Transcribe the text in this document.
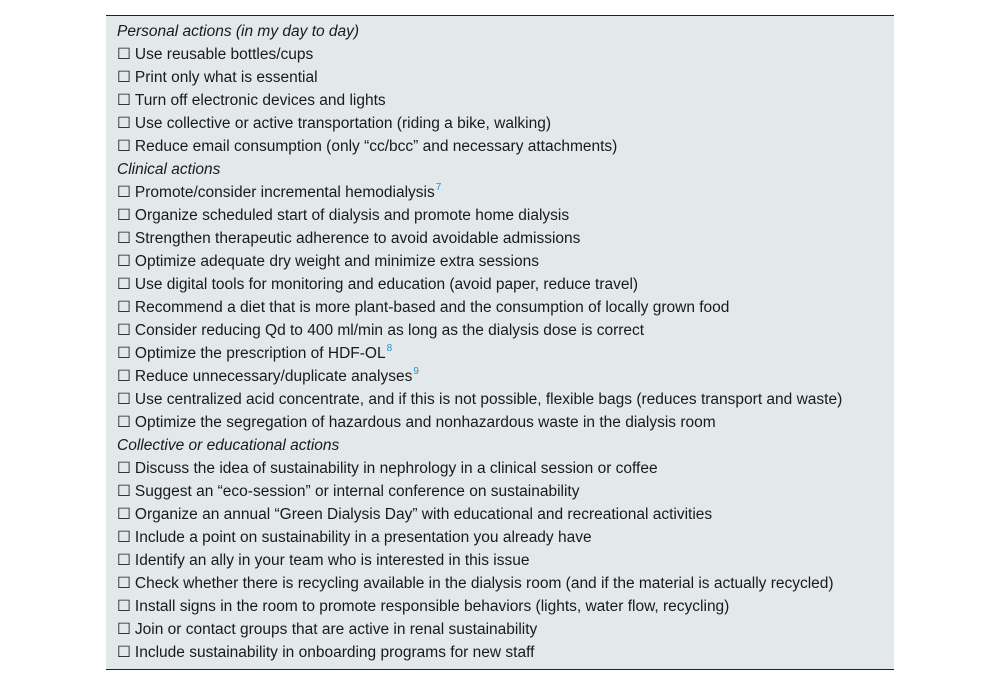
Personal actions (in my day to day)
☐ Use reusable bottles/cups
☐ Print only what is essential
☐ Turn off electronic devices and lights
☐ Use collective or active transportation (riding a bike, walking)
☐ Reduce email consumption (only “cc/bcc” and necessary attachments)
Clinical actions
☐ Promote/consider incremental hemodialysis$^7$
☐ Organize scheduled start of dialysis and promote home dialysis
☐ Strengthen therapeutic adherence to avoid avoidable admissions
☐ Optimize adequate dry weight and minimize extra sessions
☐ Use digital tools for monitoring and education (avoid paper, reduce travel)
☐ Recommend a diet that is more plant-based and the consumption of locally grown food
☐ Consider reducing Qd to 400 ml/min as long as the dialysis dose is correct
☐ Optimize the prescription of HDF-$OL^8$
☐ Reduce unnecessary/duplicate analyses$^9$
☐ Use centralized acid concentrate, and if this is not possible, flexible bags (reduces transport and waste)
☐ Optimize the segregation of hazardous and nonhazardous waste in the dialysis room
Collective or educational actions
☐ Discuss the idea of sustainability in nephrology in a clinical session or coffee
☐ Suggest an “eco-session” or internal conference on sustainability
☐ Organize an annual “Green Dialysis Day” with educational and recreational activities
☐ Include a point on sustainability in a presentation you already have
☐ Identify an ally in your team who is interested in this issue
☐ Check whether there is recycling available in the dialysis room (and if the material is actually recycled)
☐ Install signs in the room to promote responsible behaviors (lights, water flow, recycling)
☐ Join or contact groups that are active in renal sustainability
☐ Include sustainability in onboarding programs for new staff
